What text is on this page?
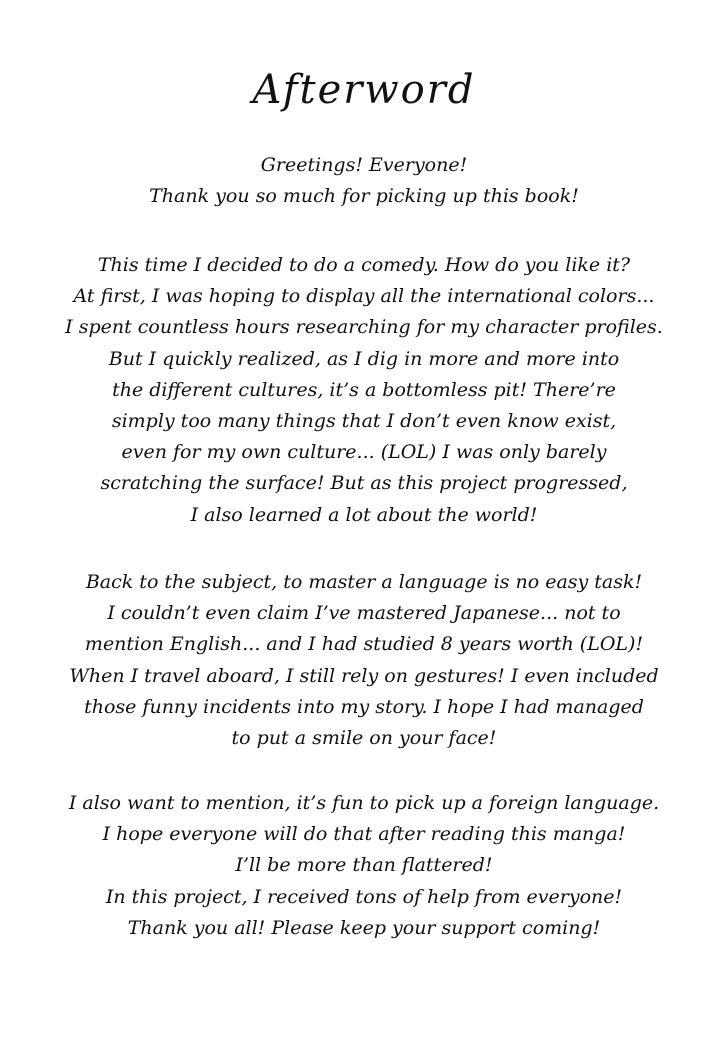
Afterword
Greetings! Everyone!
Thank you so much for picking up this book!
This time I decided to do a comedy. How do you like it?
At first, I was hoping to display all the international colors...
I spent countless hours researching for my character profiles.
But I quickly realized, as I dig in more and more into
the different cultures, it’s a bottomless pit! There’re
simply too many things that I don’t even know exist,
even for my own culture... (LOL) I was only barely
scratching the surface! But as this project progressed,
I also learned a lot about the world!
Back to the subject, to master a language is no easy task!
I couldn’t even claim I’ve mastered Japanese... not to
mention English... and I had studied 8 years worth (LOL)!
When I travel aboard, I still rely on gestures! I even included
those funny incidents into my story. I hope I had managed
to put a smile on your face!
I also want to mention, it’s fun to pick up a foreign language.
I hope everyone will do that after reading this manga!
I’ll be more than flattered!
In this project, I received tons of help from everyone!
Thank you all! Please keep your support coming!
